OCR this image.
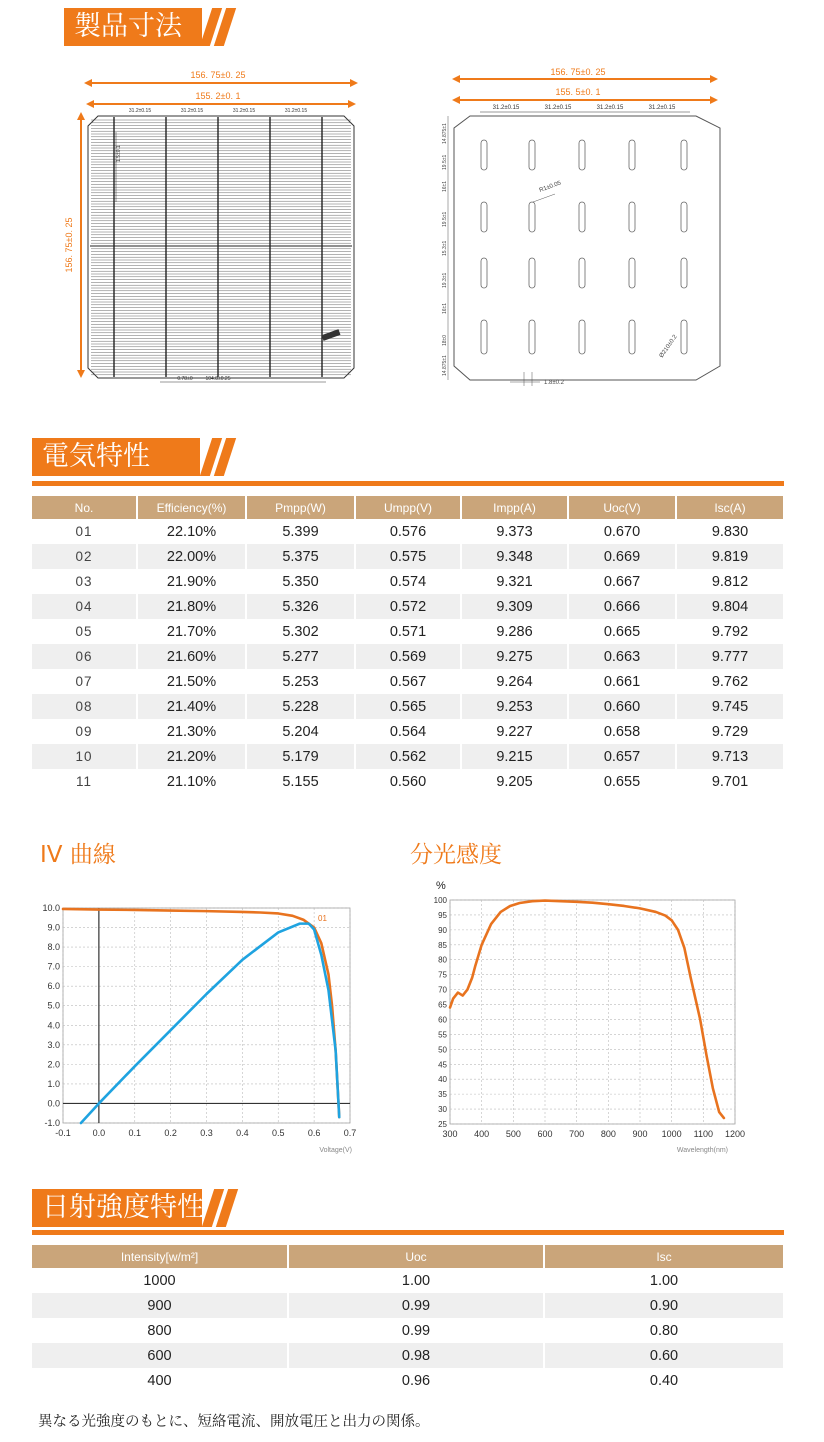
製品寸法
156. 75±0. 25
155. 2±0. 1
156. 75±0. 25
31.2±0.15	31.2±0.15	31.2±0.15	31.2±0.15
1.5±0.1
0.78±0	104.8±0.25
156. 75±0. 25
155. 5±0. 1
31.2±0.15	31.2±0.15	31.2±0.15	31.2±0.15
14.875±1
19.5±1
16±1
19.5±1
15.3±1
19.3±1
16±1
18±0
14.875±1
R1±0.05
Ø210±0.2
1.8±0.2
電気特性
No.	Efficiency(%)	Pmpp(W)	Umpp(V)	Impp(A)	Uoc(V)	Isc(A)
01	22.10%	5.399	0.576	9.373	0.670	9.830
02	22.00%	5.375	0.575	9.348	0.669	9.819
03	21.90%	5.350	0.574	9.321	0.667	9.812
04	21.80%	5.326	0.572	9.309	0.666	9.804
05	21.70%	5.302	0.571	9.286	0.665	9.792
06	21.60%	5.277	0.569	9.275	0.663	9.777
07	21.50%	5.253	0.567	9.264	0.661	9.762
08	21.40%	5.228	0.565	9.253	0.660	9.745
09	21.30%	5.204	0.564	9.227	0.658	9.729
10	21.20%	5.179	0.562	9.215	0.657	9.713
11	21.10%	5.155	0.560	9.205	0.655	9.701
IV 曲線	分光感度
-0.1 0.0	0.1	0.2	0.3	0.4	0.5	0.6	0.7
-1.0
0.0
1.0
2.0
3.0
4.0
5.0
6.0
7.0
8.0
9.0
10.0
01
Voltage(V)
300 400 500 600 700 800 900 1000 1100 1200
25
30
35
40
45
50
55
60
65
70
75
80
85
90
95
100
%
Wavelength(nm)
日射強度特性
Intensity[w/m²]	Uoc	Isc
1000	1.00	1.00
900	0.99	0.90
800	0.99	0.80
600	0.98	0.60
400	0.96	0.40
異なる光強度のもとに、短絡電流、開放電圧と出力の関係。
